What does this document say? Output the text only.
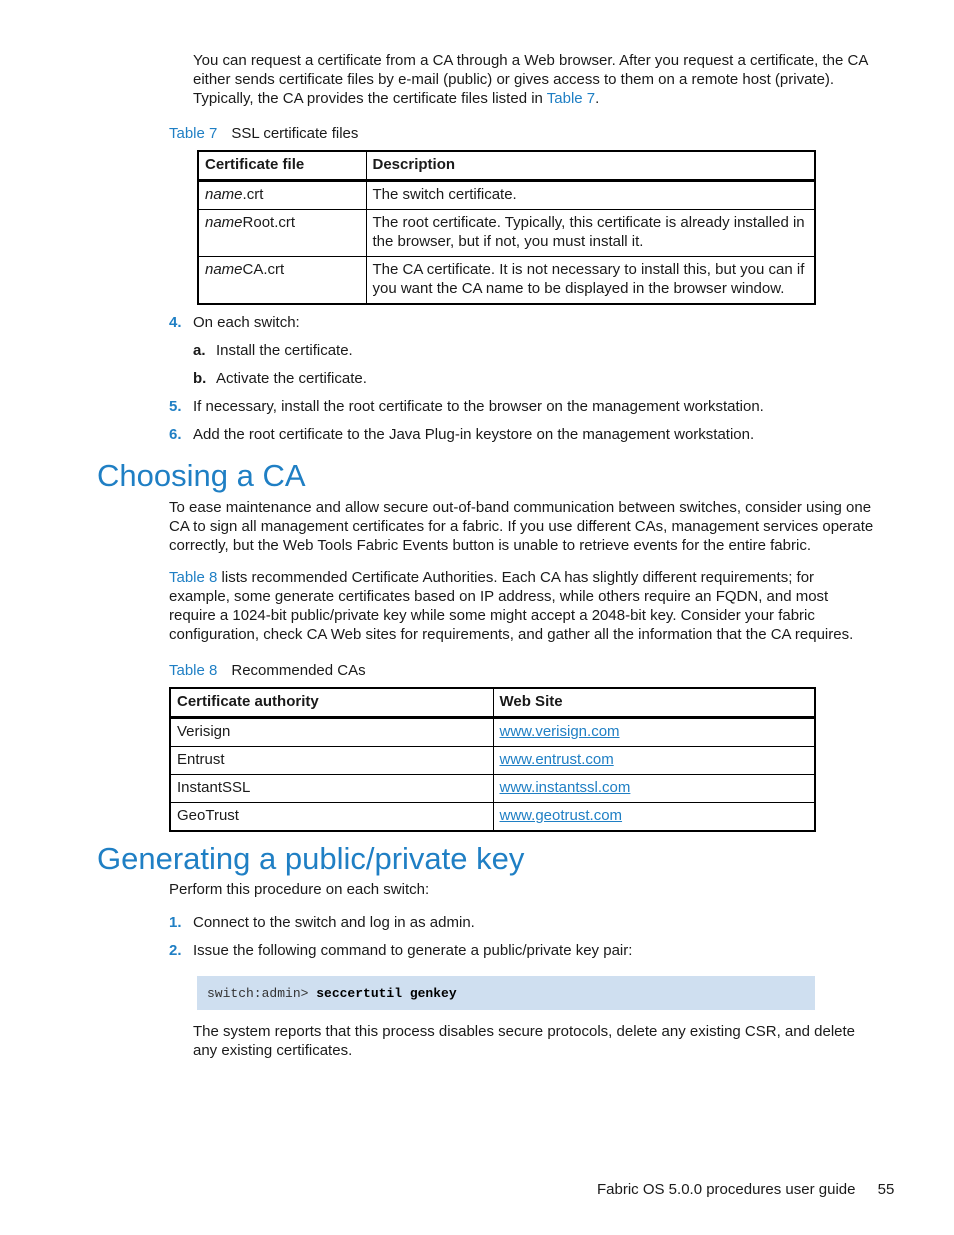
You can request a certificate from a CA through a Web browser. After you request a certificate, the CA either sends certificate files by e-mail (public) or gives access to them on a remote host (private). Typically, the CA provides the certificate files listed in Table 7.

Table 7 SSL certificate files
Certificate file	Description
name.crt	The switch certificate.
nameRoot.crt	The root certificate. Typically, this certificate is already installed in the browser, but if not, you must install it.
nameCA.crt	The CA certificate. It is not necessary to install this, but you can if you want the CA name to be displayed in the browser window.
4. On each switch:
a. Install the certificate.
b. Activate the certificate.
5. If necessary, install the root certificate to the browser on the management workstation.
6. Add the root certificate to the Java Plug-in keystore on the management workstation.
Choosing a CA

To ease maintenance and allow secure out-of-band communication between switches, consider using one CA to sign all management certificates for a fabric. If you use different CAs, management services operate correctly, but the Web Tools Fabric Events button is unable to retrieve events for the entire fabric.

Table 8 lists recommended Certificate Authorities. Each CA has slightly different requirements; for example, some generate certificates based on IP address, while others require an FQDN, and most require a 1024-bit public/private key while some might accept a 2048-bit key. Consider your fabric configuration, check CA Web sites for requirements, and gather all the information that the CA requires.

Table 8 Recommended CAs
Certificate authority	Web Site
Verisign	www.verisign.com
Entrust	www.entrust.com
InstantSSL	www.instantssl.com
GeoTrust	www.geotrust.com
Generating a public/private key

Perform this procedure on each switch:

1. Connect to the switch and log in as admin.
2. Issue the following command to generate a public/private key pair:
switch:admin> seccertutil genkey

The system reports that this process disables secure protocols, delete any existing CSR, and delete any existing certificates.

Fabric OS 5.0.0 procedures user guide 55
